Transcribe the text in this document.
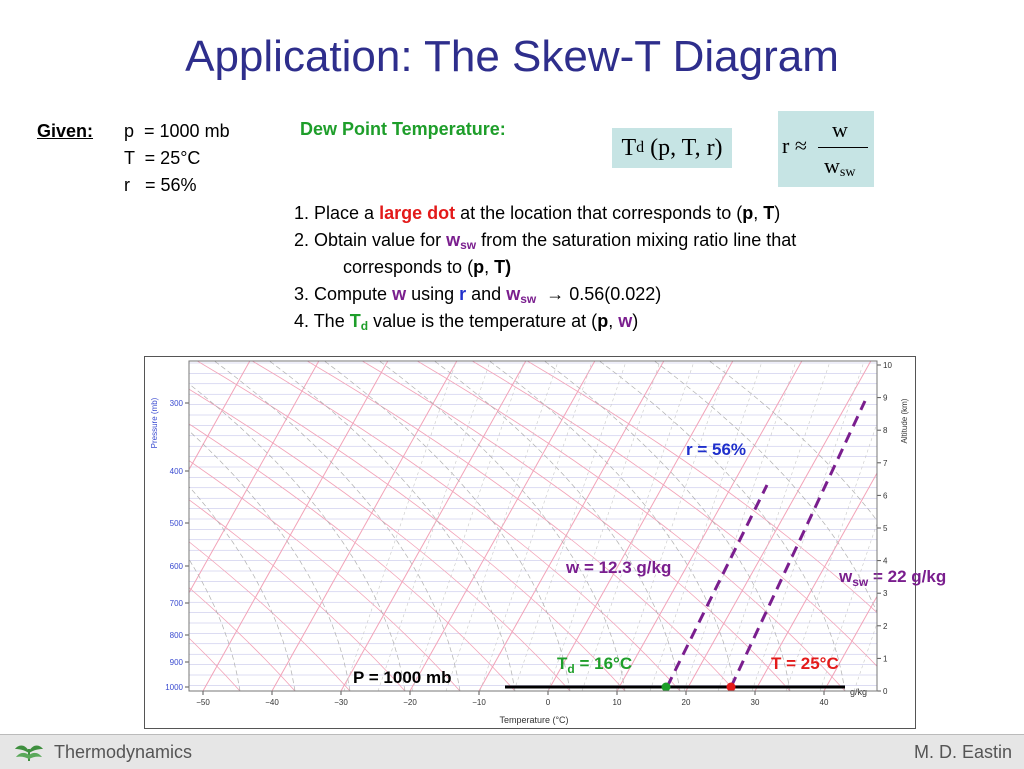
Application: The Skew-T Diagram
Given: p  = 1000 mb
T  = 25°C
r   = 56%
Dew Point Temperature:
T d (p, T, r)	r ≈
w
$w_{sw}$
1. Place a large dot at the location that corresponds to (p, T)
2. Obtain value for $w_{sw}$ from the saturation mixing ratio line that
corresponds to (p, T)
3. Compute w using r and $w_{sw} \to 0.56(0.022)$
4. The $T_d$ value is the temperature at (p, w)
Pressure (mb)	Altitude (km)
Temperature (°C)
g/kg
r = 56%
w = 12.3 g/kg	$w_{sw} = 22$ g/kg
$T_d = 16^\circ C$	T = 25°C
P = 1000 mb
300
400
500
600
700
800
900
1000	0
1
2
3
4
5
6
7
8
9
10
−50	−40	−30	−20	−10	0	10	20	30	40
Thermodynamics	M. D. Eastin
